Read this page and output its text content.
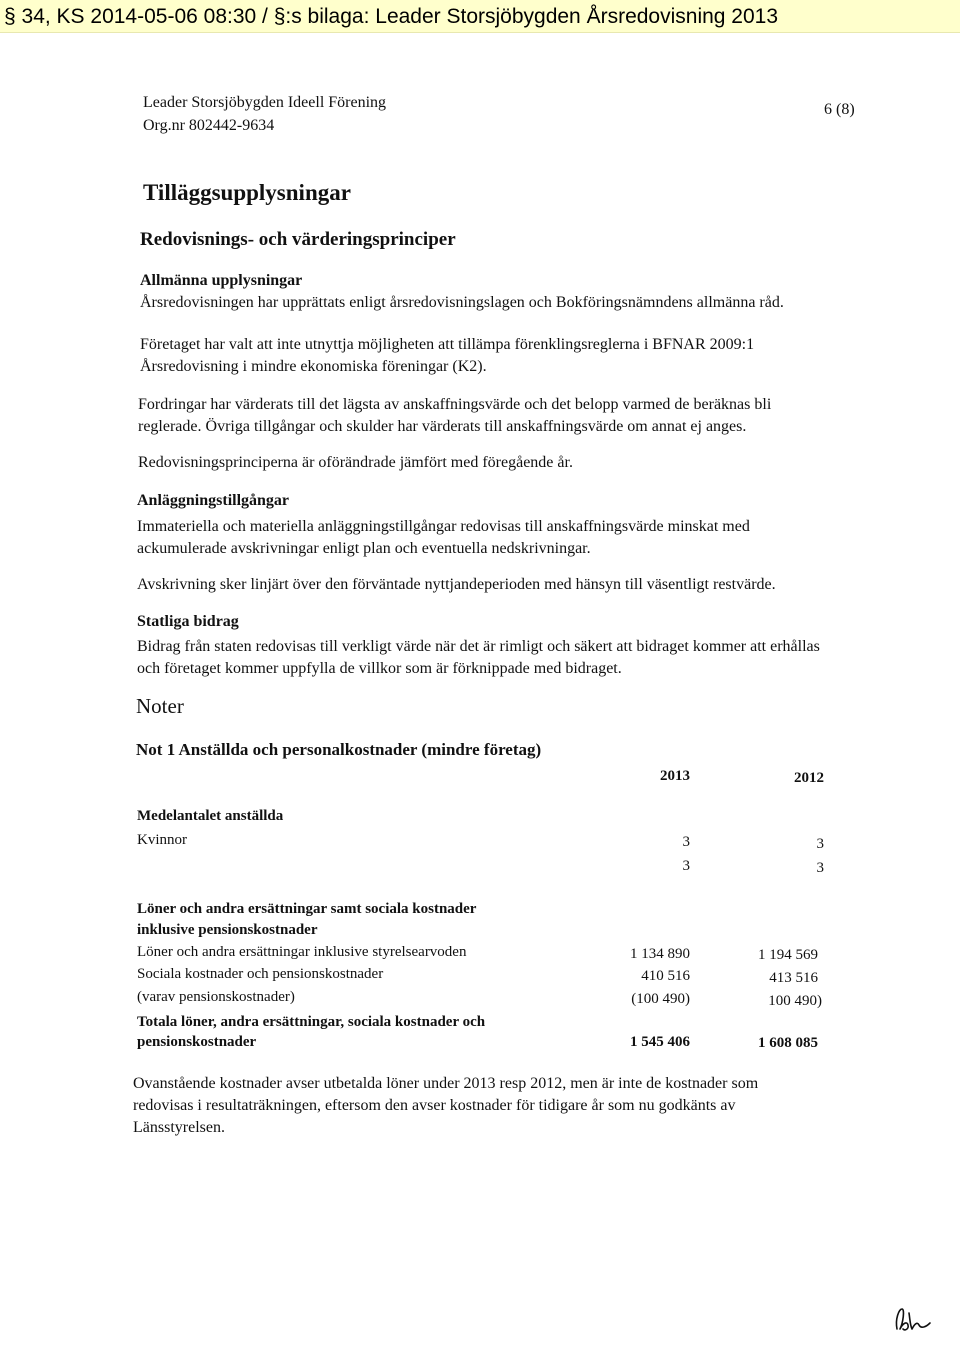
§ 34, KS 2014-05-06 08:30 / §:s bilaga: Leader Storsjöbygden Årsredovisning 2013
Leader Storsjöbygden Ideell Förening
Org.nr 802442-9634
6 (8)
Tilläggsupplysningar
Redovisnings- och värderingsprinciper
Allmänna upplysningar
Årsredovisningen har upprättats enligt årsredovisningslagen och Bokföringsnämndens allmänna råd.
Företaget har valt att inte utnyttja möjligheten att tillämpa förenklingsreglerna i BFNAR 2009:1 Årsredovisning i mindre ekonomiska föreningar (K2).
Fordringar har värderats till det lägsta av anskaffningsvärde och det belopp varmed de beräknas bli reglerade. Övriga tillgångar och skulder har värderats till anskaffningsvärde om annat ej anges.
Redovisningsprinciperna är oförändrade jämfört med föregående år.
Anläggningstillgångar
Immateriella och materiella anläggningstillgångar redovisas till anskaffningsvärde minskat med ackumulerade avskrivningar enligt plan och eventuella nedskrivningar.
Avskrivning sker linjärt över den förväntade nyttjandeperioden med hänsyn till väsentligt restvärde.
Statliga bidrag
Bidrag från staten redovisas till verkligt värde när det är rimligt och säkert att bidraget kommer att erhållas och företaget kommer uppfylla de villkor som är förknippade med bidraget.
Noter
Not 1 Anställda och personalkostnader (mindre företag)
2013	2012
Medelantalet anställda
Kvinnor	3	3
3	3
Löner och andra ersättningar samt sociala kostnader inklusive pensionskostnader
Löner och andra ersättningar inklusive styrelsearvoden	1 134 890	1 194 569
Sociala kostnader och pensionskostnader	410 516	413 516
(varav pensionskostnader)	(100 490)	100 490)
Totala löner, andra ersättningar, sociala kostnader och pensionskostnader	1 545 406	1 608 085
Ovanstående kostnader avser utbetalda löner under 2013 resp 2012, men är inte de kostnader som redovisas i resultaträkningen, eftersom den avser kostnader för tidigare år som nu godkänts av Länsstyrelsen.
